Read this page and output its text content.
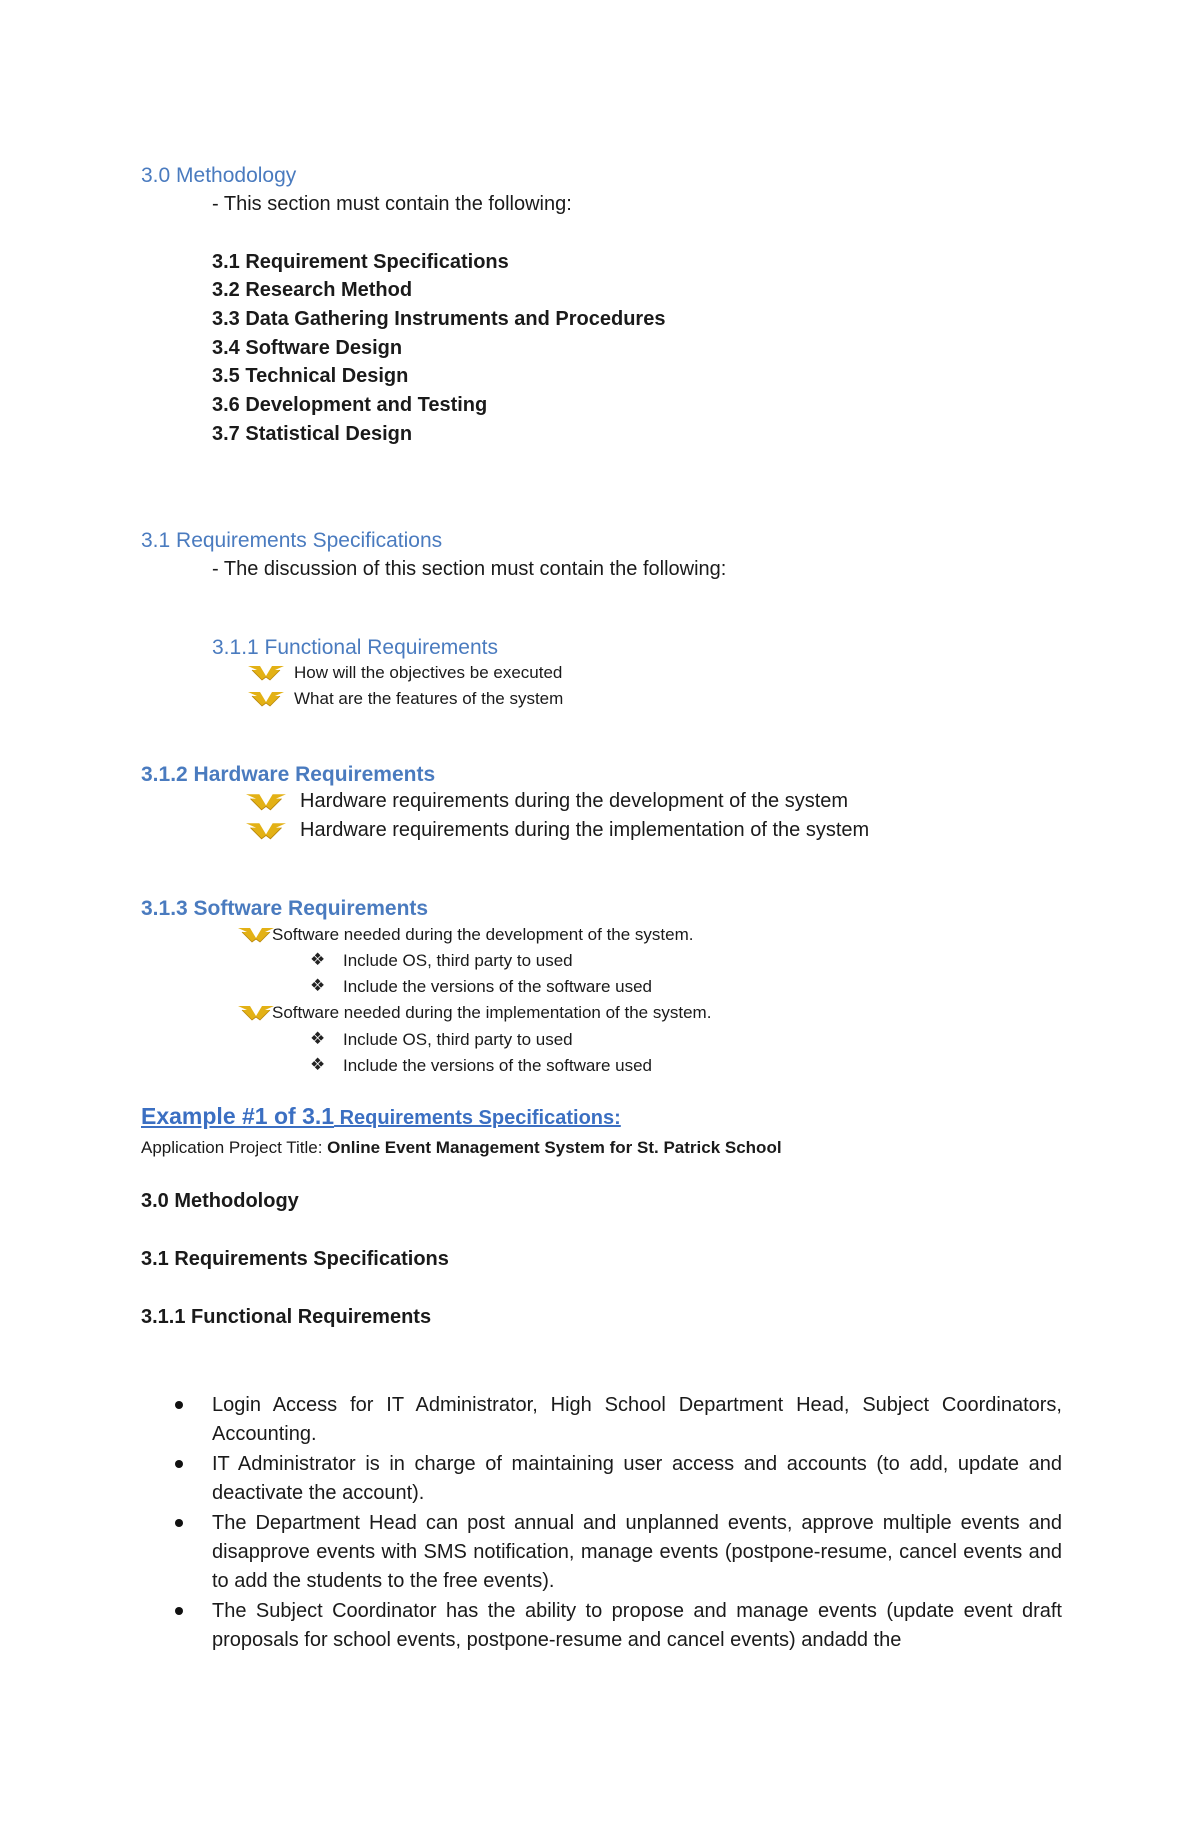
3.0 Methodology
- This section must contain the following:
3.1 Requirement Specifications
3.2 Research Method
3.3 Data Gathering Instruments and Procedures
3.4 Software Design
3.5 Technical Design
3.6 Development and Testing
3.7 Statistical Design
3.1 Requirements Specifications
- The discussion of this section must contain the following:
3.1.1 Functional Requirements
How will the objectives be executed
What are the features of the system
3.1.2 Hardware Requirements
Hardware requirements during the development of the system
Hardware requirements during the implementation of the system
3.1.3 Software Requirements
Software needed during the development of the system.
❖ Include OS, third party to used
❖ Include the versions of the software used
Software needed during the implementation of the system.
❖ Include OS, third party to used
❖ Include the versions of the software used
Example #1 of 3.1 Requirements Specifications:
Application Project Title: Online Event Management System for St. Patrick School
3.0 Methodology
3.1 Requirements Specifications
3.1.1 Functional Requirements
Login Access for IT Administrator, High School Department Head, Subject Coordinators, Accounting.
IT Administrator is in charge of maintaining user access and accounts (to add, update and deactivate the account).
The Department Head can post annual and unplanned events, approve multiple events and disapprove events with SMS notification, manage events (postpone-resume, cancel events and to add the students to the free events).
The Subject Coordinator has the ability to propose and manage events (update event draft proposals for school events, postpone-resume and cancel events) andadd the
